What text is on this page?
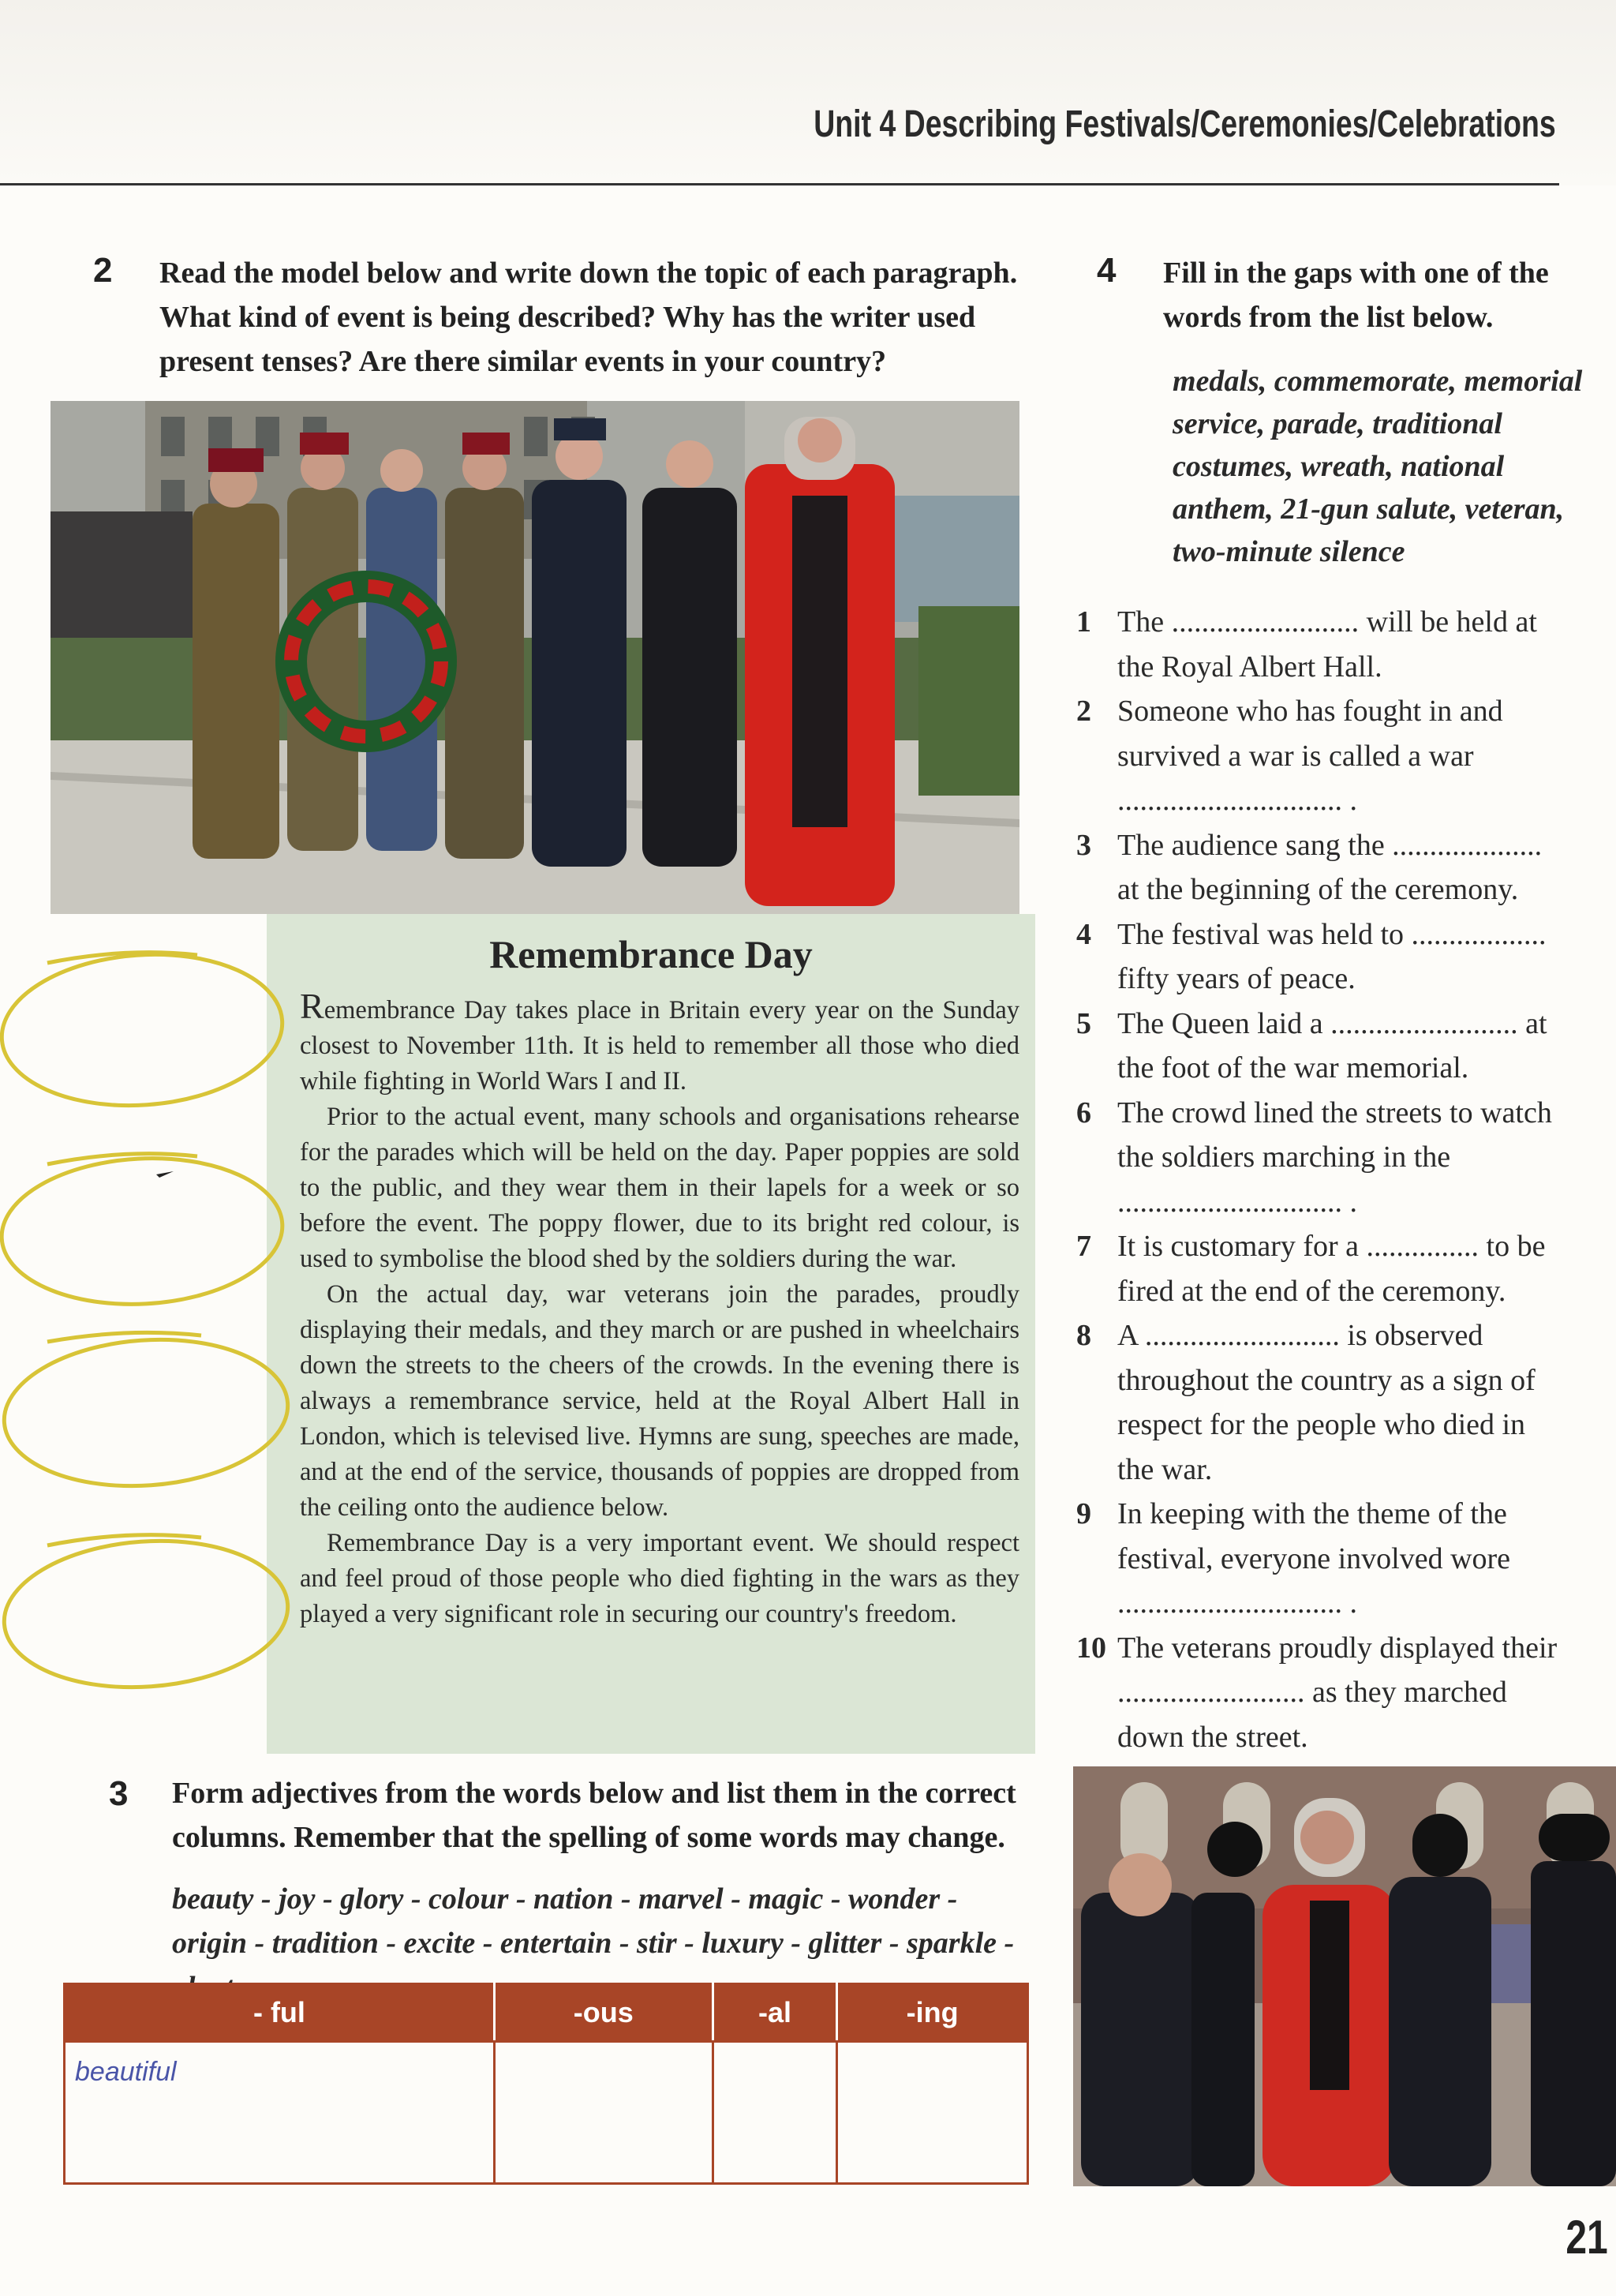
Unit 4 Describing Festivals/Ceremonies/Celebrations
2 Read the model below and write down the topic of each paragraph. What kind of event is being described? Why has the writer used present tenses? Are there similar events in your country?
Remembrance Day

Remembrance Day takes place in Britain every year on the Sunday closest to November 11th. It is held to remember all those who died while fighting in World Wars I and II.

Prior to the actual event, many schools and organisations rehearse for the parades which will be held on the day. Paper poppies are sold to the public, and they wear them in their lapels for a week or so before the event. The poppy flower, due to its bright red colour, is used to symbolise the blood shed by the soldiers during the war.

On the actual day, war veterans join the parades, proudly displaying their medals, and they march or are pushed in wheelchairs down the streets to the cheers of the crowds. In the evening there is always a remembrance service, held at the Royal Albert Hall in London, which is televised live. Hymns are sung, speeches are made, and at the end of the service, thousands of poppies are dropped from the ceiling onto the audience below.

Remembrance Day is a very important event. We should respect and feel proud of those people who died fighting in the wars as they played a very significant role in securing our country's freedom.

3 Form adjectives from the words below and list them in the correct columns. Remember that the spelling of some words may change.
beauty - joy - glory - colour - nation - marvel - magic - wonder - origin - tradition - excite - entertain - stir - luxury - glitter - sparkle -
- ful	-ous	-al	-ing
beautiful			
4 Fill in the gaps with one of the words from the list below.
medals, commemorate, memorial service, parade, traditional costumes, wreath, national anthem, 21-gun salute, veteran, two-minute silence
1 The ......................... will be held at the Royal Albert Hall.
2 Someone who has fought in and survived a war is called a war .............................. .
3 The audience sang the .................... at the beginning of the ceremony.
4 The festival was held to .................. fifty years of peace.
5 The Queen laid a ......................... at the foot of the war memorial.
6 The crowd lined the streets to watch the soldiers marching in the .............................. .
7 It is customary for a ............... to be fired at the end of the ceremony.
8 A .......................... is observed throughout the country as a sign of respect for the people who died in the war.
9 In keeping with the theme of the festival, everyone involved wore .............................. .
10 The veterans proudly displayed their ......................... as they marched down the street.
21
